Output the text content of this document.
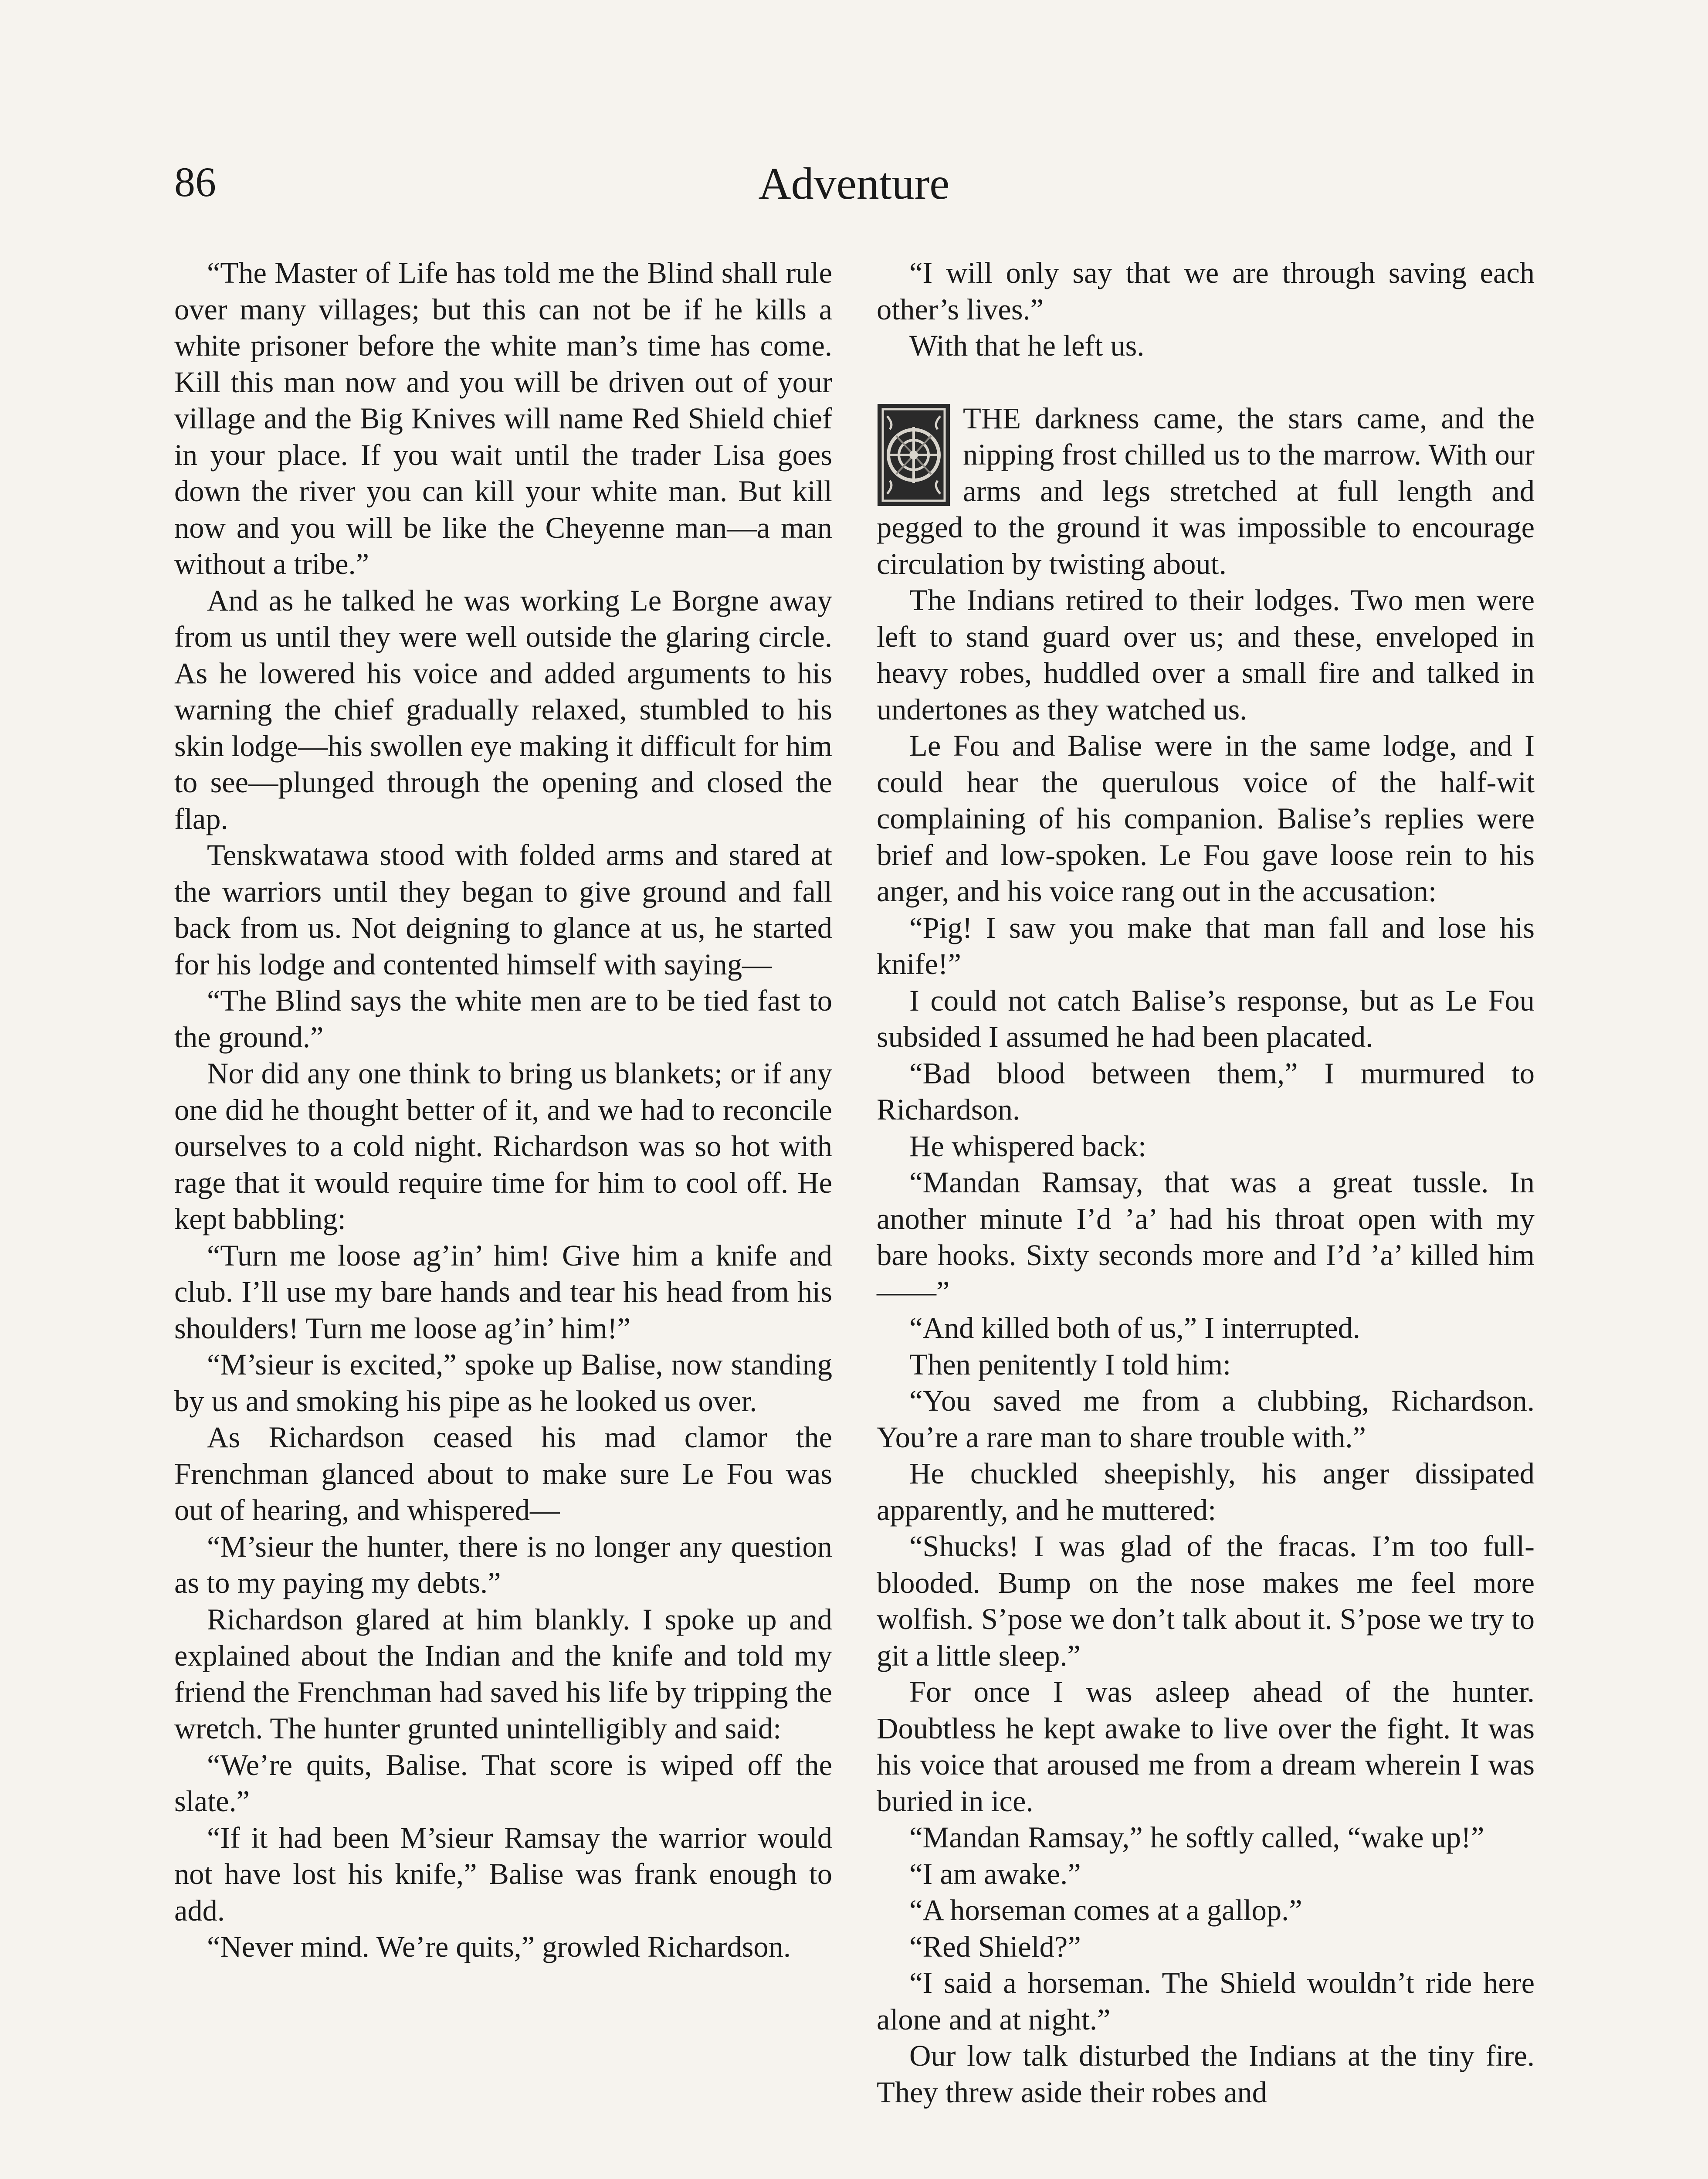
86	Adventure

“The Master of Life has told me the Blind shall rule over many villages; but this can not be if he kills a white prisoner before the white man’s time has come. Kill this man now and you will be driven out of your village and the Big Knives will name Red Shield chief in your place. If you wait until the trader Lisa goes down the river you can kill your white man. But kill now and you will be like the Cheyenne man—a man without a tribe.”

And as he talked he was working Le Borgne away from us until they were well outside the glaring circle. As he lowered his voice and added arguments to his warning the chief gradually relaxed, stumbled to his skin lodge—his swollen eye making it difficult for him to see—plunged through the opening and closed the flap.

Tenskwatawa stood with folded arms and stared at the warriors until they began to give ground and fall back from us. Not deigning to glance at us, he started for his lodge and contented himself with saying—

“The Blind says the white men are to be tied fast to the ground.”

Nor did any one think to bring us blankets; or if any one did he thought better of it, and we had to reconcile ourselves to a cold night. Richardson was so hot with rage that it would require time for him to cool off. He kept babbling:

“Turn me loose ag’in’ him! Give him a knife and club. I’ll use my bare hands and tear his head from his shoulders! Turn me loose ag’in’ him!”

“M’sieur is excited,” spoke up Balise, now standing by us and smoking his pipe as he looked us over.

As Richardson ceased his mad clamor the Frenchman glanced about to make sure Le Fou was out of hearing, and whispered—

“M’sieur the hunter, there is no longer any question as to my paying my debts.”

Richardson glared at him blankly. I spoke up and explained about the Indian and the knife and told my friend the Frenchman had saved his life by tripping the wretch. The hunter grunted unintelligibly and said:

“We’re quits, Balise. That score is wiped off the slate.”

“If it had been M’sieur Ramsay the warrior would not have lost his knife,” Balise was frank enough to add.

“Never mind. We’re quits,” growled Richardson.

“I will only say that we are through saving each other’s lives.”

With that he left us.

THE darkness came, the stars came, and the nipping frost chilled us to the marrow. With our arms and legs stretched at full length and pegged to the ground it was impossible to encourage circulation by twisting about.

The Indians retired to their lodges. Two men were left to stand guard over us; and these, enveloped in heavy robes, huddled over a small fire and talked in undertones as they watched us.

Le Fou and Balise were in the same lodge, and I could hear the querulous voice of the half-wit complaining of his companion. Balise’s replies were brief and low-spoken. Le Fou gave loose rein to his anger, and his voice rang out in the accusation:

“Pig! I saw you make that man fall and lose his knife!”

I could not catch Balise’s response, but as Le Fou subsided I assumed he had been placated.

“Bad blood between them,” I murmured to Richardson.

He whispered back:

“Mandan Ramsay, that was a great tussle. In another minute I’d ’a’ had his throat open with my bare hooks. Sixty seconds more and I’d ’a’ killed him——”

“And killed both of us,” I interrupted.

Then penitently I told him:

“You saved me from a clubbing, Richardson. You’re a rare man to share trouble with.”

He chuckled sheepishly, his anger dissipated apparently, and he muttered:

“Shucks! I was glad of the fracas. I’m too full-blooded. Bump on the nose makes me feel more wolfish. S’pose we don’t talk about it. S’pose we try to git a little sleep.”

For once I was asleep ahead of the hunter. Doubtless he kept awake to live over the fight. It was his voice that aroused me from a dream wherein I was buried in ice.

“Mandan Ramsay,” he softly called, “wake up!”

“I am awake.”

“A horseman comes at a gallop.”

“Red Shield?”

“I said a horseman. The Shield wouldn’t ride here alone and at night.”

Our low talk disturbed the Indians at the tiny fire. They threw aside their robes and
